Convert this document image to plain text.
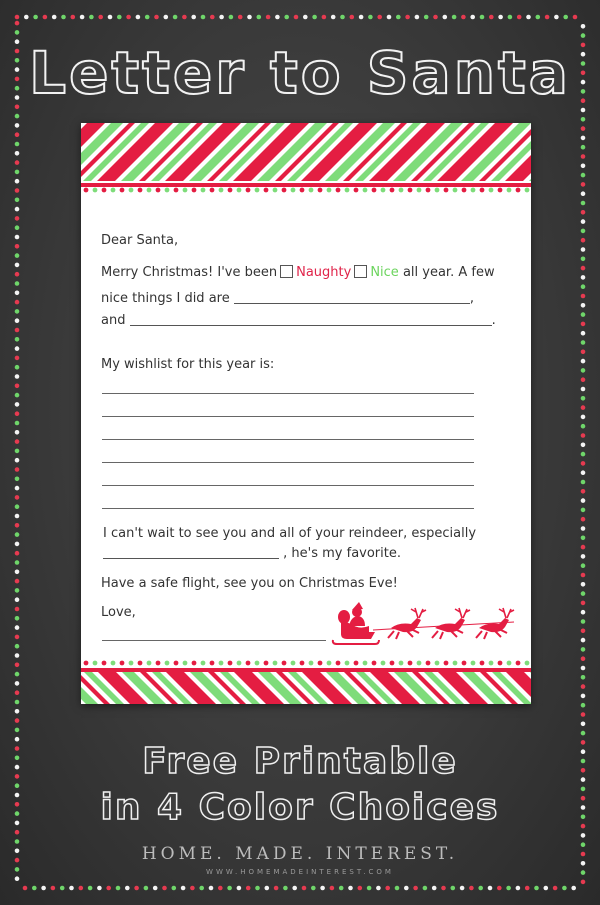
Letter to Santa
Dear Santa,
Merry Christmas! I've been Naughty Nice all year. A few
nice things I did are	,
and	.
My wishlist for this year is:
I can't wait to see you and all of your reindeer, especially
, he's my favorite.
Have a safe flight, see you on Christmas Eve!
Love,
Free Printable
in 4 Color Choices
HOME. MADE. INTEREST.
WWW.HOMEMADEINTEREST.COM
